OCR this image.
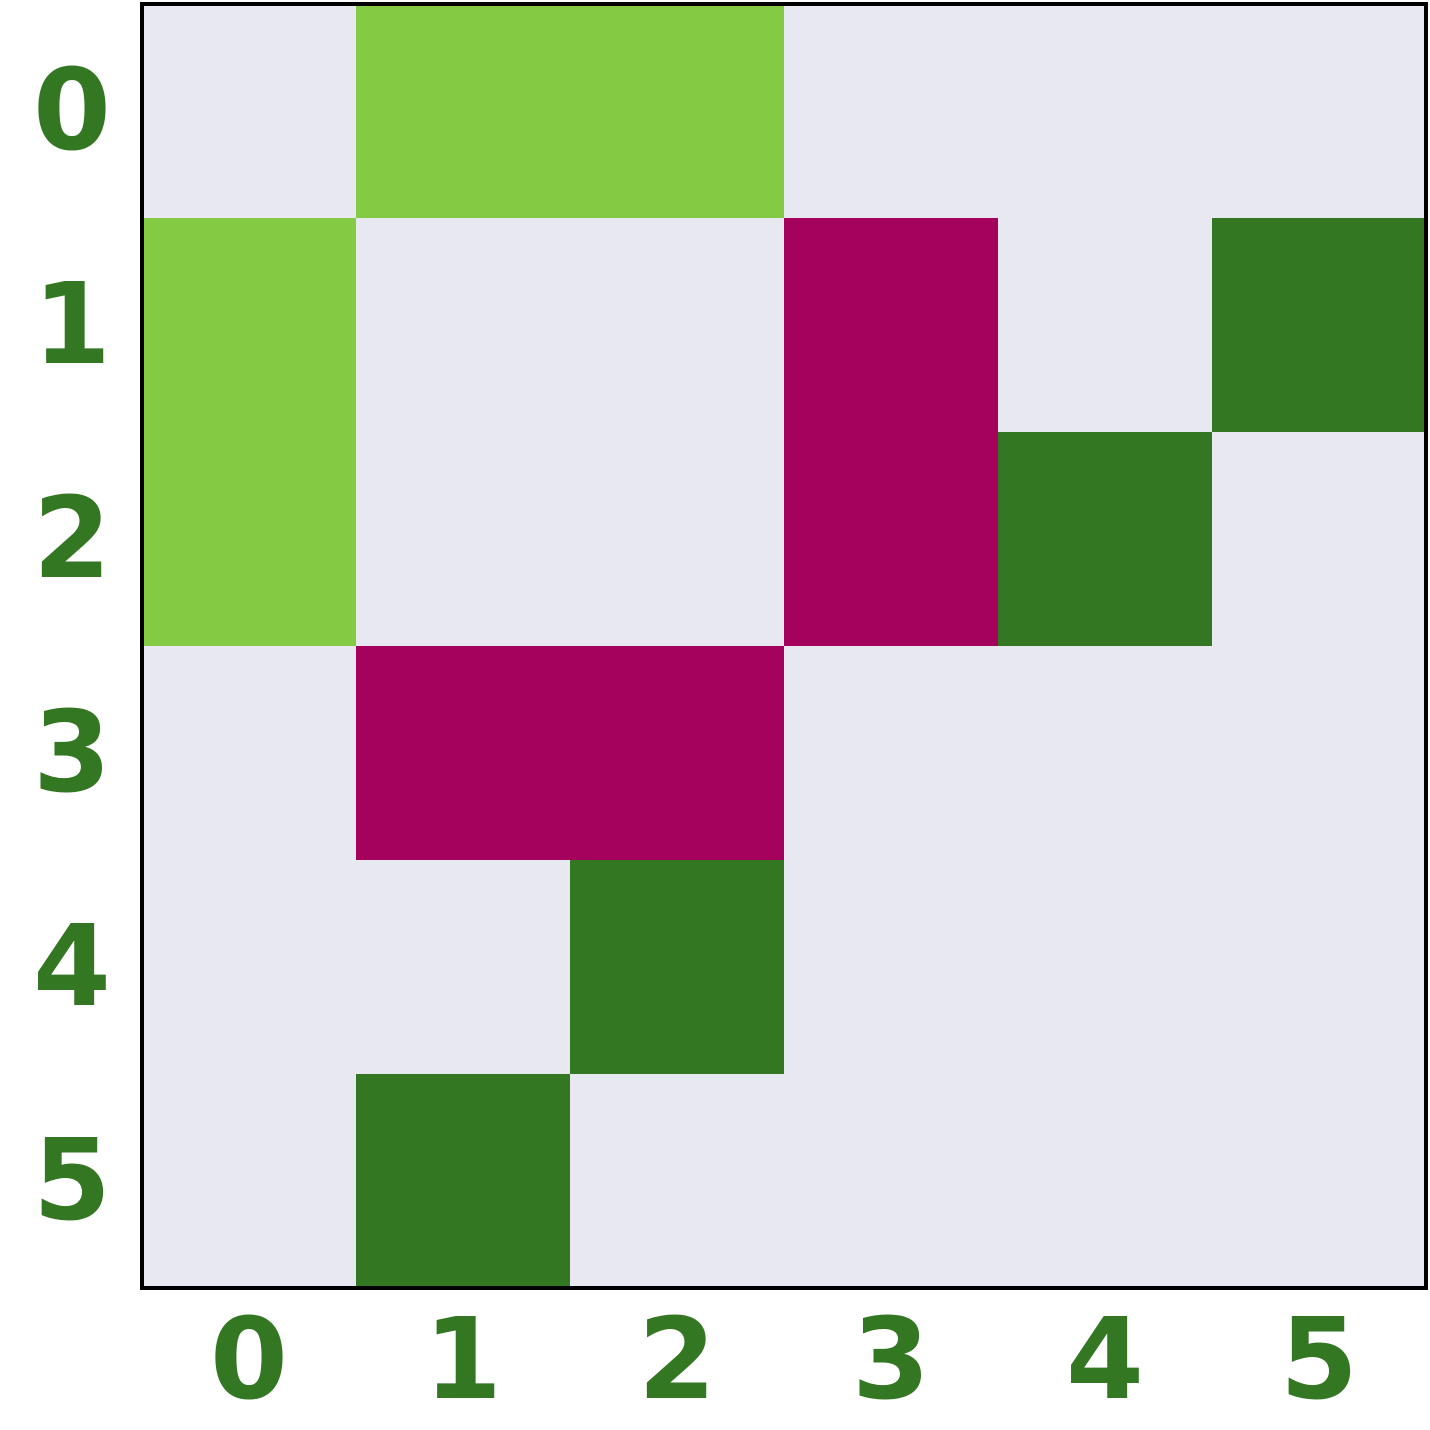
0
1
2
3
4
5
0 1 2 3 4 5
